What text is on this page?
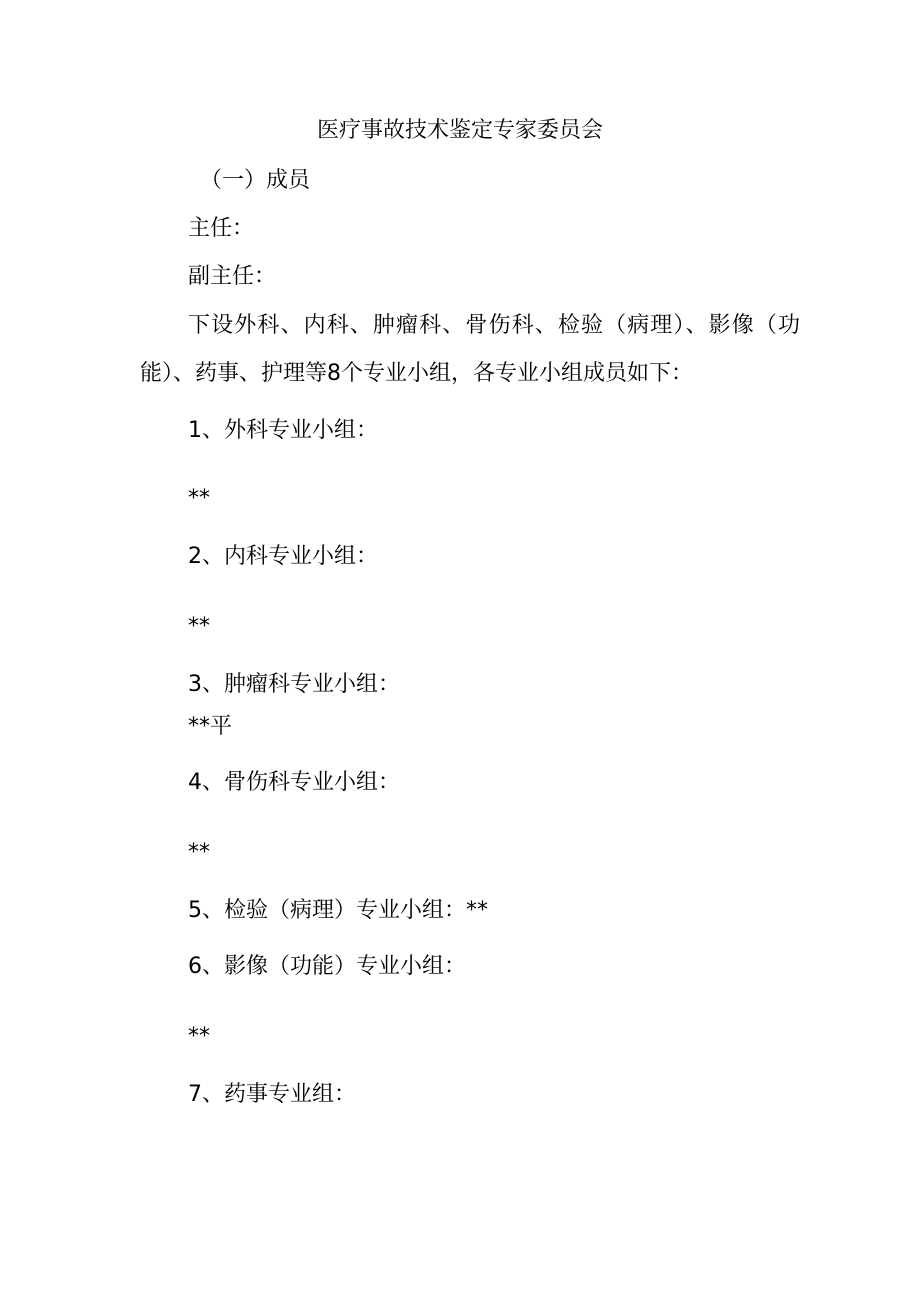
医疗事故技术鉴定专家委员会
（一）成员
主任：
副主任：
下设外科、内科、肿瘤科、骨伤科、检验（病理）、影像（功能）、药事、护理等8个专业小组，各专业小组成员如下：
1、外科专业小组：
**
2、内科专业小组：
**
3、肿瘤科专业小组：
**平
4、骨伤科专业小组：
**
5、检验（病理）专业小组：**
6、影像（功能）专业小组：
**
7、药事专业组：
